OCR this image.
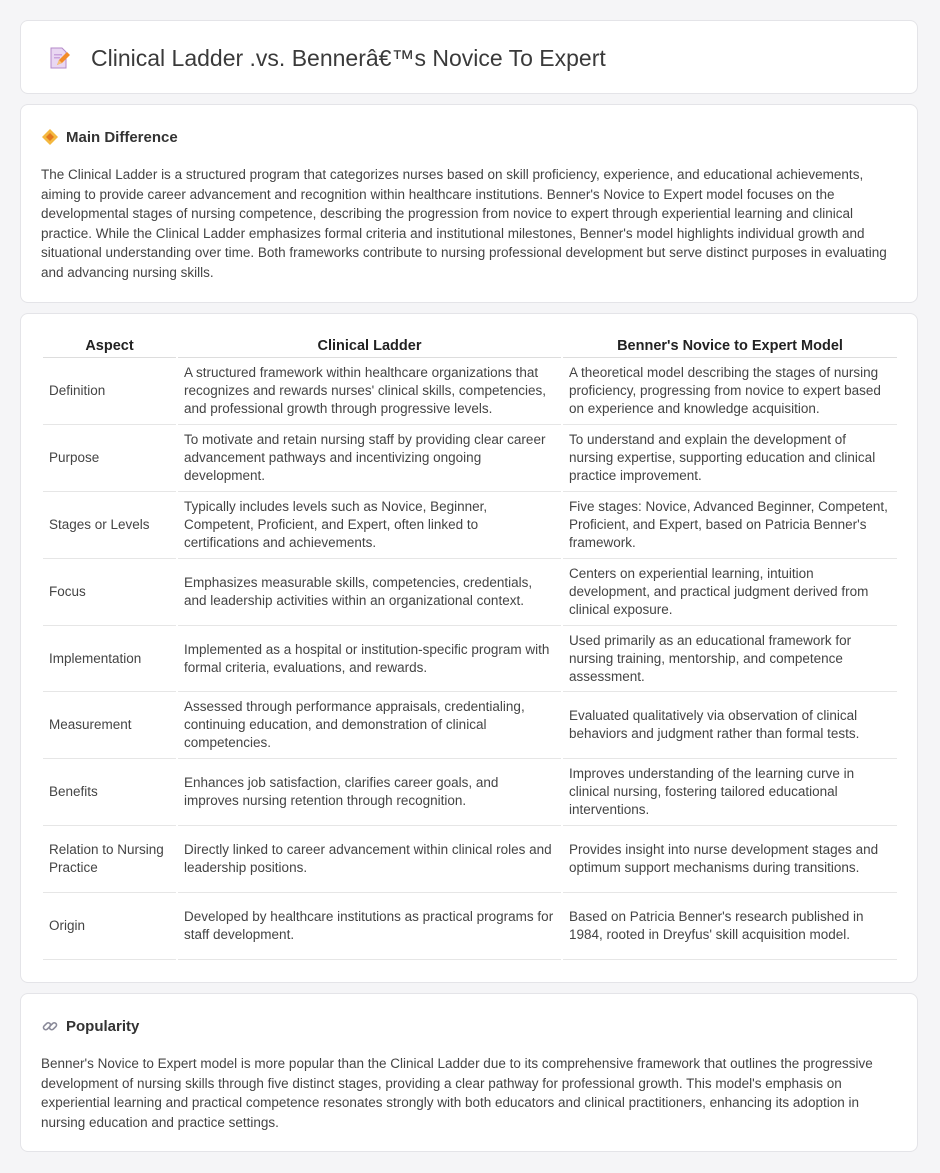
Clinical Ladder .vs. Bennerâ€™s Novice To Expert
Main Difference

The Clinical Ladder is a structured program that categorizes nurses based on skill proficiency, experience, and educational achievements, aiming to provide career advancement and recognition within healthcare institutions. Benner's Novice to Expert model focuses on the developmental stages of nursing competence, describing the progression from novice to expert through experiential learning and clinical practice. While the Clinical Ladder emphasizes formal criteria and institutional milestones, Benner's model highlights individual growth and situational understanding over time. Both frameworks contribute to nursing professional development but serve distinct purposes in evaluating and advancing nursing skills.

Aspect	Clinical Ladder	Benner's Novice to Expert Model
Definition	A structured framework within healthcare organizations that recognizes and rewards nurses' clinical skills, competencies, and professional growth through progressive levels.	A theoretical model describing the stages of nursing proficiency, progressing from novice to expert based on experience and knowledge acquisition.
Purpose	To motivate and retain nursing staff by providing clear career advancement pathways and incentivizing ongoing development.	To understand and explain the development of nursing expertise, supporting education and clinical practice improvement.
Stages or Levels	Typically includes levels such as Novice, Beginner, Competent, Proficient, and Expert, often linked to certifications and achievements.	Five stages: Novice, Advanced Beginner, Competent, Proficient, and Expert, based on Patricia Benner's framework.
Focus	Emphasizes measurable skills, competencies, credentials, and leadership activities within an organizational context.	Centers on experiential learning, intuition development, and practical judgment derived from clinical exposure.
Implementation	Implemented as a hospital or institution-specific program with formal criteria, evaluations, and rewards.	Used primarily as an educational framework for nursing training, mentorship, and competence assessment.
Measurement	Assessed through performance appraisals, credentialing, continuing education, and demonstration of clinical competencies.	Evaluated qualitatively via observation of clinical behaviors and judgment rather than formal tests.
Benefits	Enhances job satisfaction, clarifies career goals, and improves nursing retention through recognition.	Improves understanding of the learning curve in clinical nursing, fostering tailored educational interventions.
Relation to Nursing Practice	Directly linked to career advancement within clinical roles and leadership positions.	Provides insight into nurse development stages and optimum support mechanisms during transitions.
Origin	Developed by healthcare institutions as practical programs for staff development.	Based on Patricia Benner's research published in 1984, rooted in Dreyfus' skill acquisition model.
Popularity

Benner's Novice to Expert model is more popular than the Clinical Ladder due to its comprehensive framework that outlines the progressive development of nursing skills through five distinct stages, providing a clear pathway for professional growth. This model's emphasis on experiential learning and practical competence resonates strongly with both educators and clinical practitioners, enhancing its adoption in nursing education and practice settings.
